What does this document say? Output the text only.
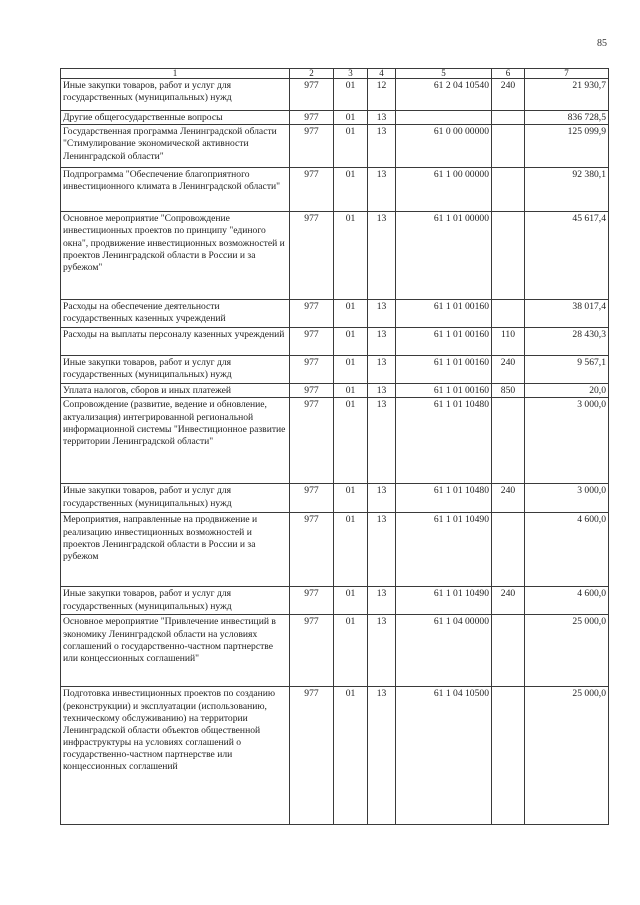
85
1	2	3	4	5	6	7
Иные закупки товаров, работ и услуг для государственных (муниципальных) нужд	977	01	12	61 2 04 10540	240	21 930,7
Другие общегосударственные вопросы	977	01	13			836 728,5
Государственная программа Ленинградской области "Стимулирование экономической активности Ленинградской области"	977	01	13	61 0 00 00000		125 099,9
Подпрограмма "Обеспечение благоприятного инвестиционного климата в Ленинградской области"	977	01	13	61 1 00 00000		92 380,1
Основное мероприятие "Сопровождение инвестиционных проектов по принципу "единого окна", продвижение инвестиционных возможностей и проектов Ленинградской области в России и за рубежом"	977	01	13	61 1 01 00000		45 617,4
Расходы на обеспечение деятельности государственных казенных учреждений	977	01	13	61 1 01 00160		38 017,4
Расходы на выплаты персоналу казенных учреждений	977	01	13	61 1 01 00160	110	28 430,3
Иные закупки товаров, работ и услуг для государственных (муниципальных) нужд	977	01	13	61 1 01 00160	240	9 567,1
Уплата налогов, сборов и иных платежей	977	01	13	61 1 01 00160	850	20,0
Сопровождение (развитие, ведение и обновление, актуализация) интегрированной региональной информационной системы "Инвестиционное развитие территории Ленинградской области"	977	01	13	61 1 01 10480		3 000,0
Иные закупки товаров, работ и услуг для государственных (муниципальных) нужд	977	01	13	61 1 01 10480	240	3 000,0
Мероприятия, направленные на продвижение и реализацию инвестиционных возможностей и проектов Ленинградской области в России и за рубежом	977	01	13	61 1 01 10490		4 600,0
Иные закупки товаров, работ и услуг для государственных (муниципальных) нужд	977	01	13	61 1 01 10490	240	4 600,0
Основное мероприятие "Привлечение инвестиций в экономику Ленинградской области на условиях соглашений о государственно-частном партнерстве или концессионных соглашений"	977	01	13	61 1 04 00000		25 000,0
Подготовка инвестиционных проектов по созданию (реконструкции) и эксплуатации (использованию, техническому обслуживанию) на территории Ленинградской области объектов общественной инфраструктуры на условиях соглашений о государственно-частном партнерстве или концессионных соглашений	977	01	13	61 1 04 10500		25 000,0
